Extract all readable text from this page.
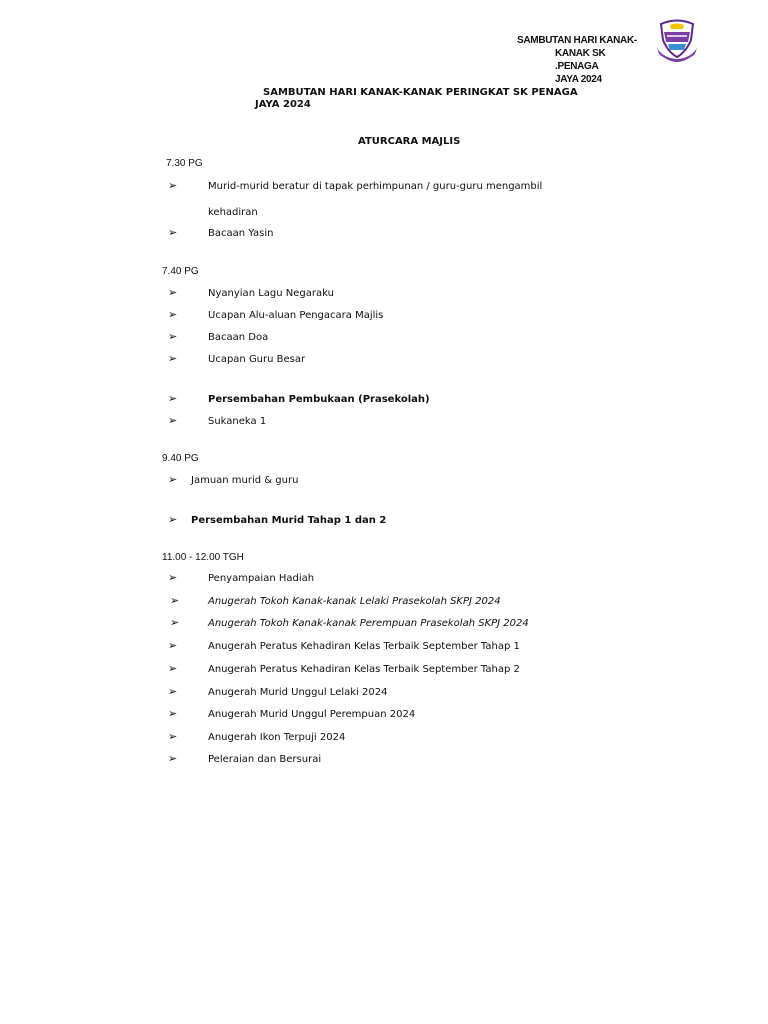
SAMBUTAN HARI KANAK-
KANAK SK .PENAGA
JAYA 2024
SAMBUTAN HARI KANAK-KANAK PERINGKAT SK PENAGA
JAYA 2024
ATURCARA MAJLIS
7.30 PG
➢	Murid-murid beratur di tapak perhimpunan / guru-guru mengambil
kehadiran
➢	Bacaan Yasin
7.40 PG
➢	Nyanyian Lagu Negaraku
➢	Ucapan Alu-aluan Pengacara Majlis
➢	Bacaan Doa
➢	Ucapan Guru Besar
➢	Persembahan Pembukaan (Prasekolah)
➢	Sukaneka 1
9.40 PG
➢ Jamuan murid & guru
➢ Persembahan Murid Tahap 1 dan 2
11.00 - 12.00 TGH
➢	Penyampaian Hadiah
➢	Anugerah Tokoh Kanak-kanak Lelaki Prasekolah SKPJ 2024
➢	Anugerah Tokoh Kanak-kanak Perempuan Prasekolah SKPJ 2024
➢	Anugerah Peratus Kehadiran Kelas Terbaik September Tahap 1
➢	Anugerah Peratus Kehadiran Kelas Terbaik September Tahap 2
➢	Anugerah Murid Unggul Lelaki 2024
➢	Anugerah Murid Unggul Perempuan 2024
➢	Anugerah Ikon Terpuji 2024
➢	Peleraian dan Bersurai
